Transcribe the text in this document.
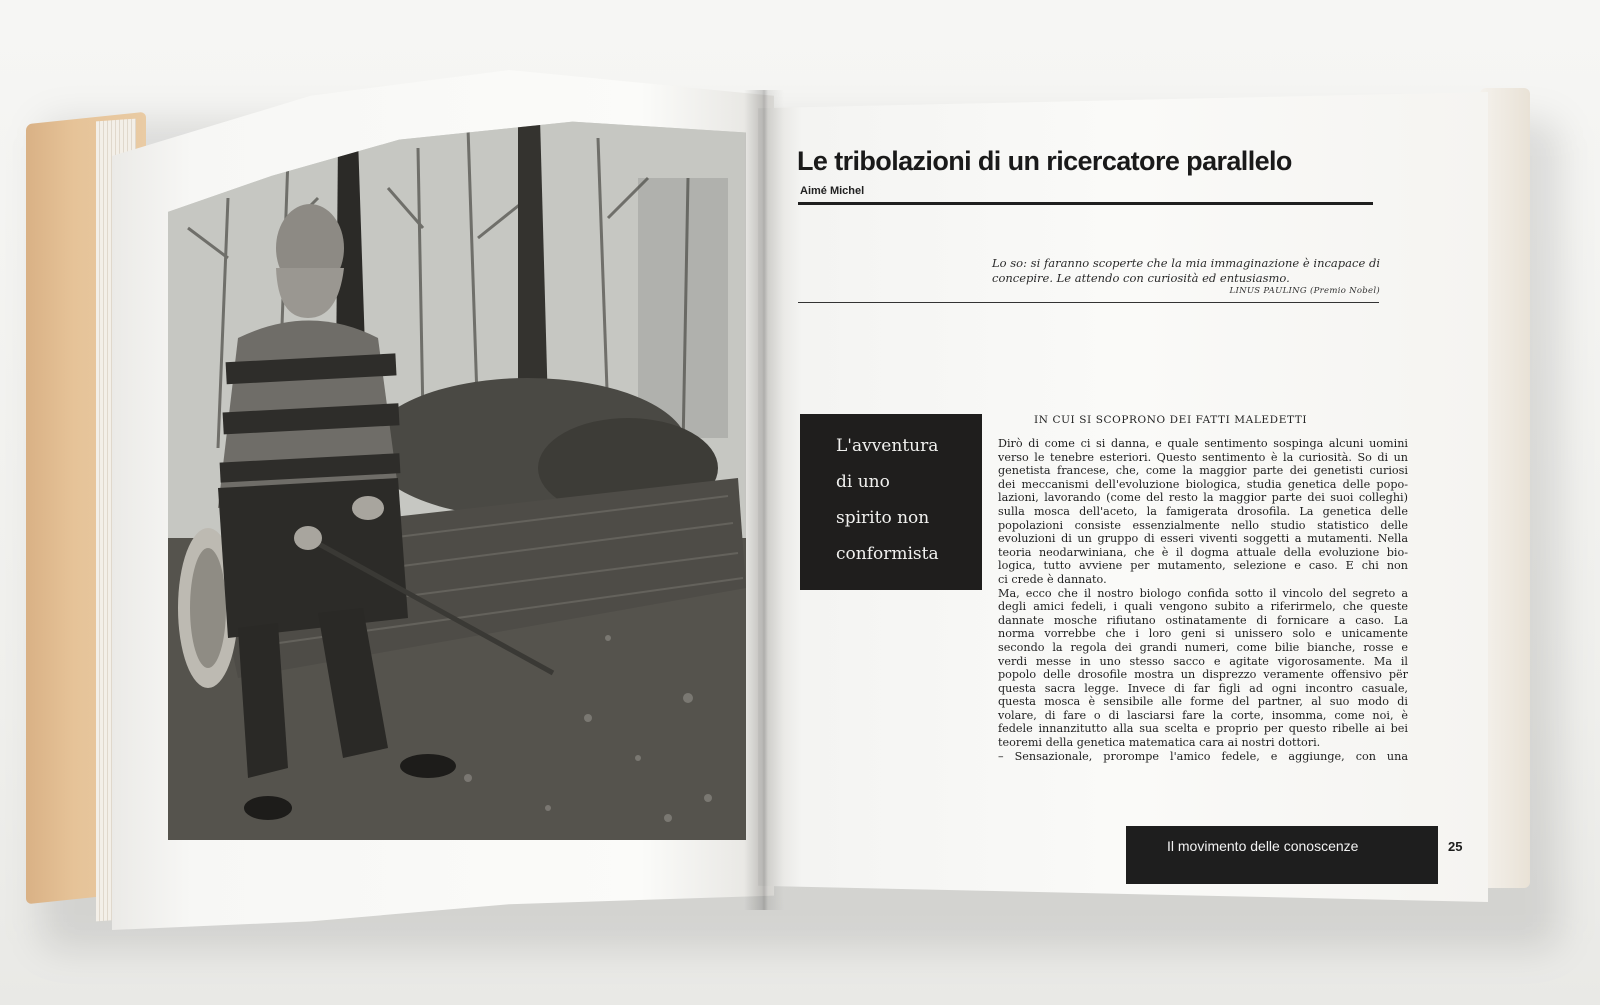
Le tribolazioni di un ricercatore parallelo
Aimé Michel
Lo so: si faranno scoperte che la mia immaginazione è incapace di concepire. Le attendo con curiosità ed entusiasmo.
LINUS PAULING (Premio Nobel)
L'avventura
di uno
spirito non
conformista
IN CUI SI SCOPRONO DEI FATTI MALEDETTI
Dirò di come ci si danna, e quale sentimento sospinga alcuni uomini
verso le tenebre esteriori. Questo sentimento è la curiosità. So di un
genetista francese, che, come la maggior parte dei genetisti curiosi
dei meccanismi dell'evoluzione biologica, studia genetica delle popo-
lazioni, lavorando (come del resto la maggior parte dei suoi colleghi)
sulla mosca dell'aceto, la famigerata drosofila. La genetica delle
popolazioni consiste essenzialmente nello studio statistico delle
evoluzioni di un gruppo di esseri viventi soggetti a mutamenti. Nella
teoria neodarwiniana, che è il dogma attuale della evoluzione bio-
logica, tutto avviene per mutamento, selezione e caso. E chi non
ci crede è dannato.
Ma, ecco che il nostro biologo confida sotto il vincolo del segreto a
degli amici fedeli, i quali vengono subito a riferirmelo, che queste
dannate mosche rifiutano ostinatamente di fornicare a caso. La
norma vorrebbe che i loro geni si unissero solo e unicamente
secondo la regola dei grandi numeri, come bilie bianche, rosse e
verdi messe in uno stesso sacco e agitate vigorosamente. Ma il
popolo delle drosofile mostra un disprezzo veramente offensivo për
questa sacra legge. Invece di far figli ad ogni incontro casuale,
questa mosca è sensibile alle forme del partner, al suo modo di
volare, di fare o di lasciarsi fare la corte, insomma, come noi, è
fedele innanzitutto alla sua scelta e proprio per questo ribelle ai bei
teoremi della genetica matematica cara ai nostri dottori.
– Sensazionale, prorompe l'amico fedele, e aggiunge, con una
Il movimento delle conoscenze	25
